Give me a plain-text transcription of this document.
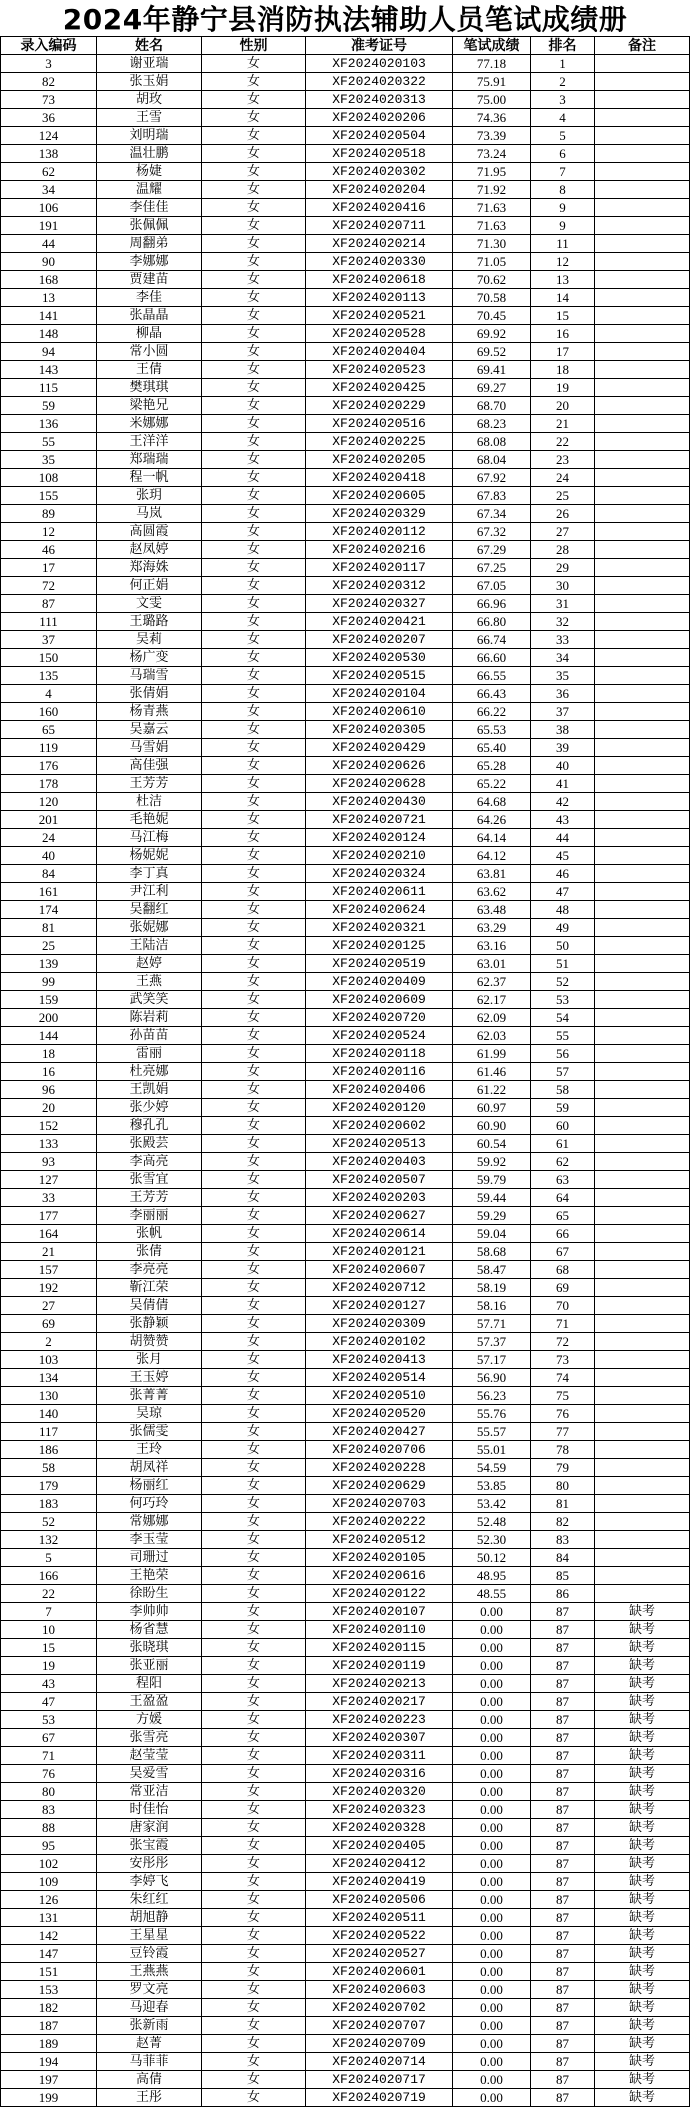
2024年静宁县消防执法辅助人员笔试成绩册
录入编码	姓名	性别	准考证号	笔试成绩	排名	备注
3	谢亚瑞	女	XF2024020103	77.18	1
82	张玉娟	女	XF2024020322	75.91	2
73	胡玫	女	XF2024020313	75.00	3
36	王雪	女	XF2024020206	74.36	4
124	刘明瑞	女	XF2024020504	73.39	5
138	温壮鹏	女	XF2024020518	73.24	6
62	杨婕	女	XF2024020302	71.95	7
34	温耀	女	XF2024020204	71.92	8
106	李佳佳	女	XF2024020416	71.63	9
191	张佩佩	女	XF2024020711	71.63	9
44	周翻弟	女	XF2024020214	71.30	11
90	李娜娜	女	XF2024020330	71.05	12
168	贾建苗	女	XF2024020618	70.62	13
13	李佳	女	XF2024020113	70.58	14
141	张晶晶	女	XF2024020521	70.45	15
148	柳晶	女	XF2024020528	69.92	16
94	常小圆	女	XF2024020404	69.52	17
143	王倩	女	XF2024020523	69.41	18
115	樊琪琪	女	XF2024020425	69.27	19
59	梁艳兄	女	XF2024020229	68.70	20
136	米娜娜	女	XF2024020516	68.23	21
55	王洋洋	女	XF2024020225	68.08	22
35	郑瑞瑞	女	XF2024020205	68.04	23
108	程一帆	女	XF2024020418	67.92	24
155	张玥	女	XF2024020605	67.83	25
89	马岚	女	XF2024020329	67.34	26
12	高圆霞	女	XF2024020112	67.32	27
46	赵凤婷	女	XF2024020216	67.29	28
17	郑海姝	女	XF2024020117	67.25	29
72	何正娟	女	XF2024020312	67.05	30
87	文雯	女	XF2024020327	66.96	31
111	王璐路	女	XF2024020421	66.80	32
37	吴莉	女	XF2024020207	66.74	33
150	杨广变	女	XF2024020530	66.60	34
135	马瑞雪	女	XF2024020515	66.55	35
4	张倩娟	女	XF2024020104	66.43	36
160	杨青燕	女	XF2024020610	66.22	37
65	吴嘉云	女	XF2024020305	65.53	38
119	马雪娟	女	XF2024020429	65.40	39
176	高佳强	女	XF2024020626	65.28	40
178	王芳芳	女	XF2024020628	65.22	41
120	杜洁	女	XF2024020430	64.68	42
201	毛艳妮	女	XF2024020721	64.26	43
24	马江梅	女	XF2024020124	64.14	44
40	杨妮妮	女	XF2024020210	64.12	45
84	李丁真	女	XF2024020324	63.81	46
161	尹江利	女	XF2024020611	63.62	47
174	吴翻红	女	XF2024020624	63.48	48
81	张妮娜	女	XF2024020321	63.29	49
25	王陆洁	女	XF2024020125	63.16	50
139	赵婷	女	XF2024020519	63.01	51
99	王燕	女	XF2024020409	62.37	52
159	武笑笑	女	XF2024020609	62.17	53
200	陈岩莉	女	XF2024020720	62.09	54
144	孙苗苗	女	XF2024020524	62.03	55
18	雷丽	女	XF2024020118	61.99	56
16	杜亮娜	女	XF2024020116	61.46	57
96	王凯娟	女	XF2024020406	61.22	58
20	张少婷	女	XF2024020120	60.97	59
152	穆孔孔	女	XF2024020602	60.90	60
133	张殿芸	女	XF2024020513	60.54	61
93	李高亮	女	XF2024020403	59.92	62
127	张雪宜	女	XF2024020507	59.79	63
33	王芳芳	女	XF2024020203	59.44	64
177	李丽丽	女	XF2024020627	59.29	65
164	张帆	女	XF2024020614	59.04	66
21	张倩	女	XF2024020121	58.68	67
157	李亮亮	女	XF2024020607	58.47	68
192	靳江荣	女	XF2024020712	58.19	69
27	吴倩倩	女	XF2024020127	58.16	70
69	张静颖	女	XF2024020309	57.71	71
2	胡赞赞	女	XF2024020102	57.37	72
103	张月	女	XF2024020413	57.17	73
134	王玉婷	女	XF2024020514	56.90	74
130	张菁菁	女	XF2024020510	56.23	75
140	吴琼	女	XF2024020520	55.76	76
117	张儒雯	女	XF2024020427	55.57	77
186	王玲	女	XF2024020706	55.01	78
58	胡凤祥	女	XF2024020228	54.59	79
179	杨丽红	女	XF2024020629	53.85	80
183	何巧玲	女	XF2024020703	53.42	81
52	常娜娜	女	XF2024020222	52.48	82
132	李玉莹	女	XF2024020512	52.30	83
5	司珊过	女	XF2024020105	50.12	84
166	王艳荣	女	XF2024020616	48.95	85
22	徐盼生	女	XF2024020122	48.55	86
7	李帅帅	女	XF2024020107	0.00	87	缺考
10	杨省慧	女	XF2024020110	0.00	87	缺考
15	张晓琪	女	XF2024020115	0.00	87	缺考
19	张亚丽	女	XF2024020119	0.00	87	缺考
43	程阳	女	XF2024020213	0.00	87	缺考
47	王盈盈	女	XF2024020217	0.00	87	缺考
53	方媛	女	XF2024020223	0.00	87	缺考
67	张雪亮	女	XF2024020307	0.00	87	缺考
71	赵莹莹	女	XF2024020311	0.00	87	缺考
76	吴爱雪	女	XF2024020316	0.00	87	缺考
80	常亚洁	女	XF2024020320	0.00	87	缺考
83	时佳怡	女	XF2024020323	0.00	87	缺考
88	唐家润	女	XF2024020328	0.00	87	缺考
95	张宝霞	女	XF2024020405	0.00	87	缺考
102	安彤彤	女	XF2024020412	0.00	87	缺考
109	李婷飞	女	XF2024020419	0.00	87	缺考
126	朱红红	女	XF2024020506	0.00	87	缺考
131	胡旭静	女	XF2024020511	0.00	87	缺考
142	王星星	女	XF2024020522	0.00	87	缺考
147	豆铃霞	女	XF2024020527	0.00	87	缺考
151	王燕燕	女	XF2024020601	0.00	87	缺考
153	罗文亮	女	XF2024020603	0.00	87	缺考
182	马迎春	女	XF2024020702	0.00	87	缺考
187	张新雨	女	XF2024020707	0.00	87	缺考
189	赵菁	女	XF2024020709	0.00	87	缺考
194	马菲菲	女	XF2024020714	0.00	87	缺考
197	高倩	女	XF2024020717	0.00	87	缺考
199	王彤	女	XF2024020719	0.00	87	缺考
